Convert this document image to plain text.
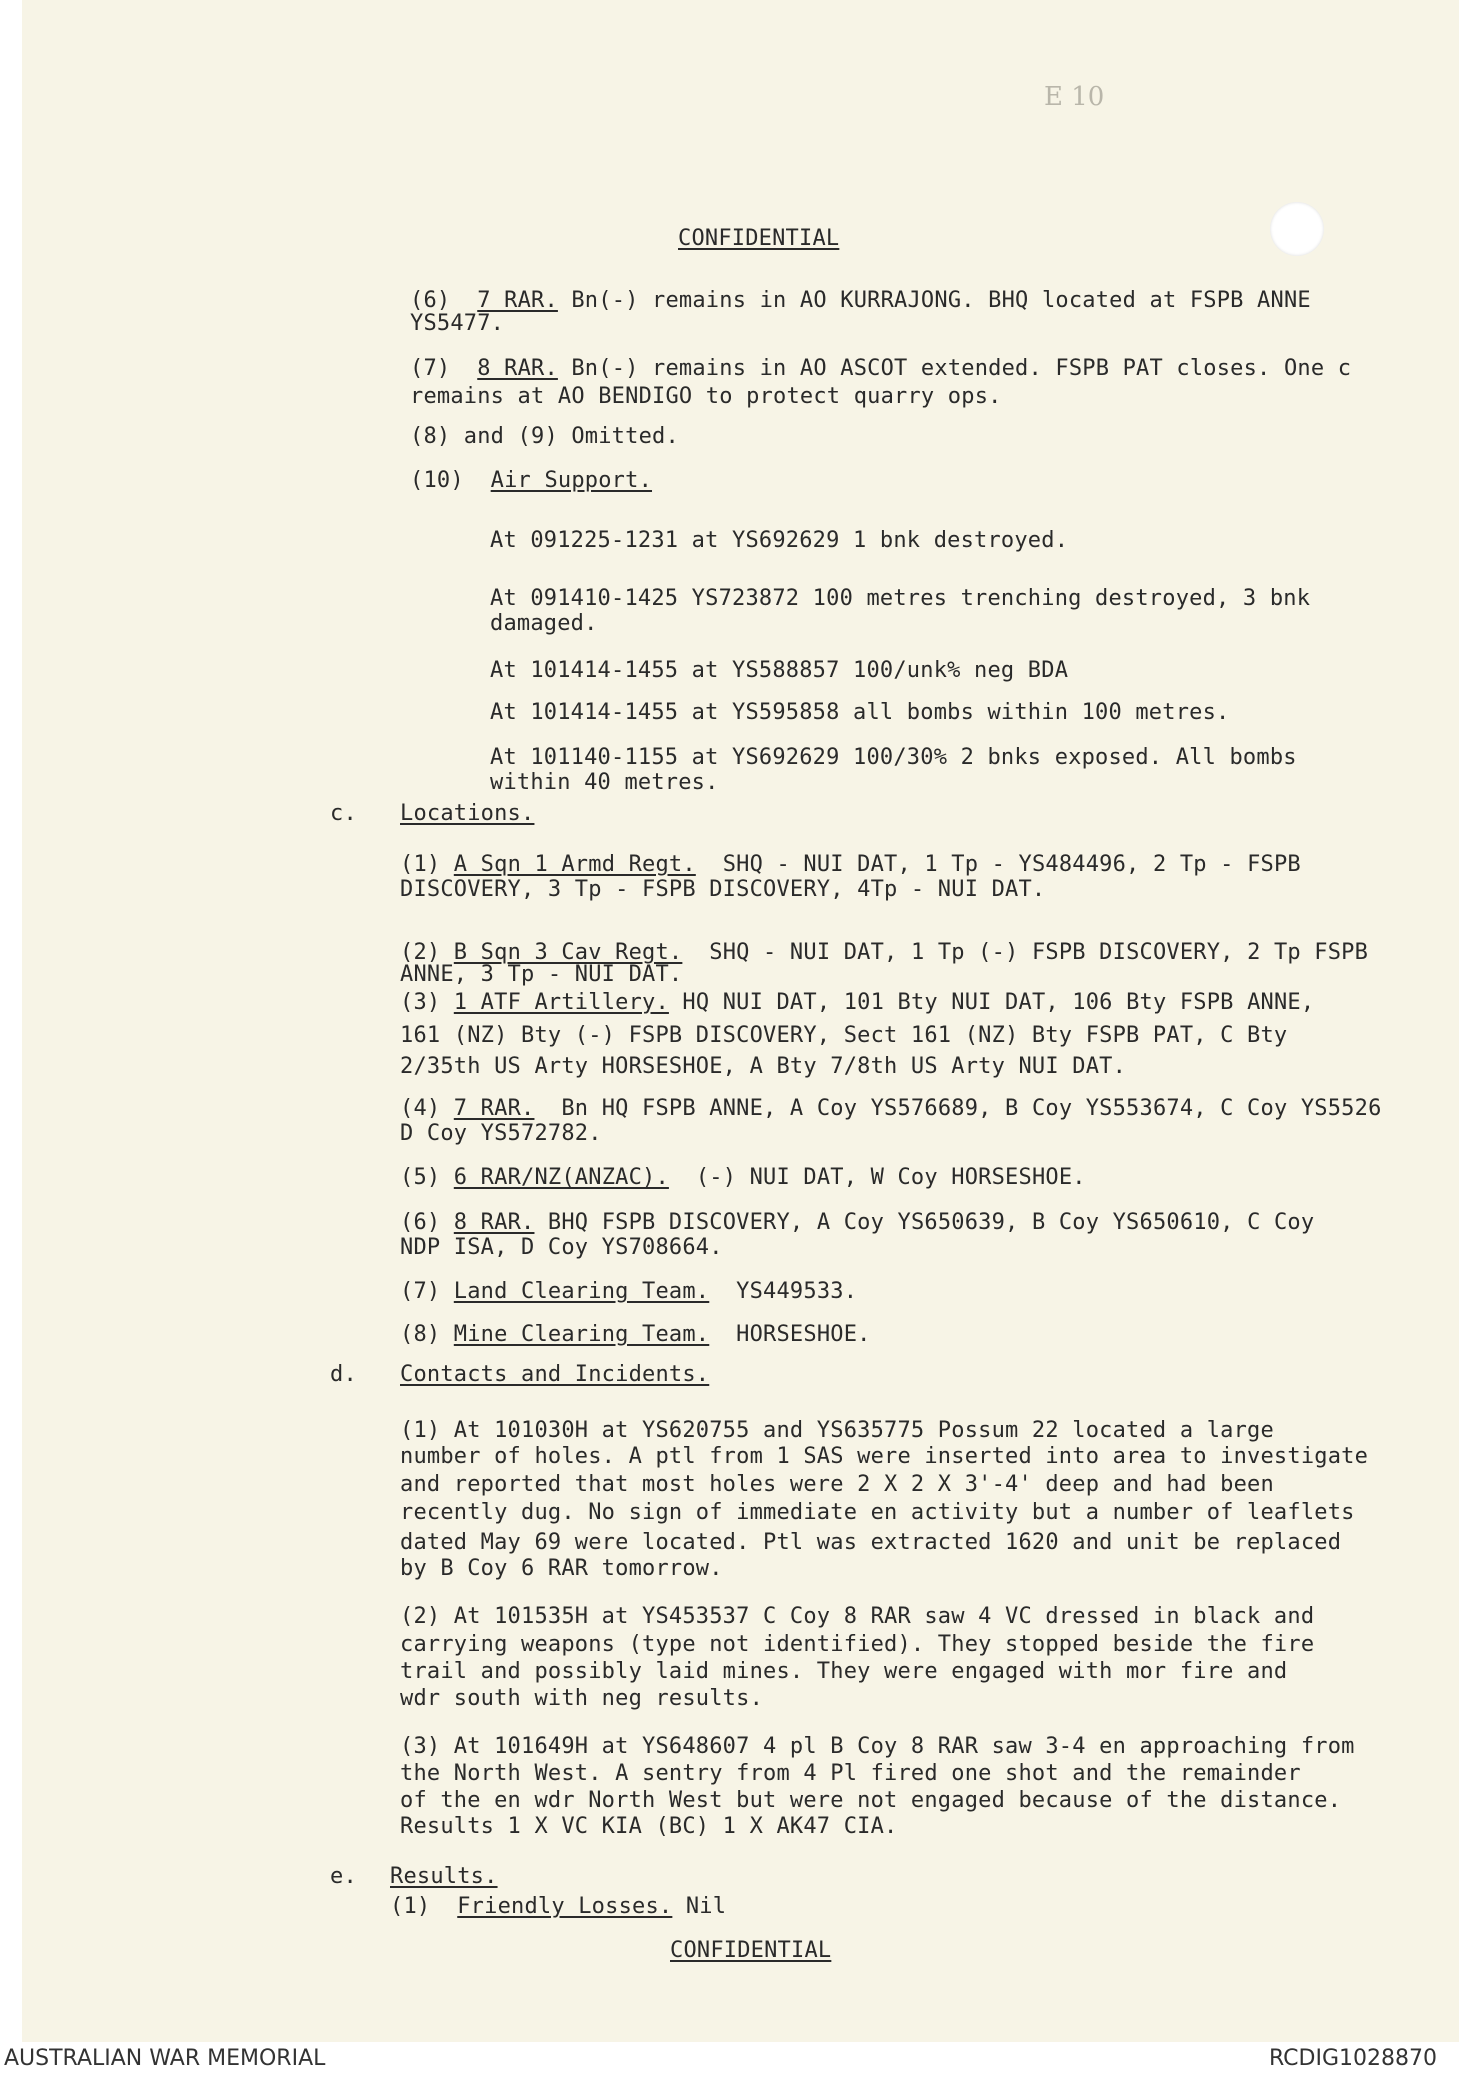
E 10
CONFIDENTIAL
(6) 7 RAR. Bn(-) remains in AO KURRAJONG. BHQ located at FSPB ANNE
YS5477.
(7) 8 RAR. Bn(-) remains in AO ASCOT extended. FSPB PAT closes. One c
remains at AO BENDIGO to protect quarry ops.
(8) and (9) Omitted.
(10) Air Support.
At 091225-1231 at YS692629 1 bnk destroyed.
At 091410-1425 YS723872 100 metres trenching destroyed, 3 bnk
damaged.
At 101414-1455 at YS588857 100/unk% neg BDA
At 101414-1455 at YS595858 all bombs within 100 metres.
At 101140-1155 at YS692629 100/30% 2 bnks exposed. All bombs
within 40 metres.
c. Locations.
(1) A Sqn 1 Armd Regt. SHQ - NUI DAT, 1 Tp - YS484496, 2 Tp - FSPB
DISCOVERY, 3 Tp - FSPB DISCOVERY, 4Tp - NUI DAT.
(2) B Sqn 3 Cav Regt. SHQ - NUI DAT, 1 Tp (-) FSPB DISCOVERY, 2 Tp FSPB
ANNE, 3 Tp - NUI DAT.
(3) 1 ATF Artillery. HQ NUI DAT, 101 Bty NUI DAT, 106 Bty FSPB ANNE,
161 (NZ) Bty (-) FSPB DISCOVERY, Sect 161 (NZ) Bty FSPB PAT, C Bty
2/35th US Arty HORSESHOE, A Bty 7/8th US Arty NUI DAT.
(4) 7 RAR. Bn HQ FSPB ANNE, A Coy YS576689, B Coy YS553674, C Coy YS5526
D Coy YS572782.
(5) 6 RAR/NZ(ANZAC). (-) NUI DAT, W Coy HORSESHOE.
(6) 8 RAR. BHQ FSPB DISCOVERY, A Coy YS650639, B Coy YS650610, C Coy
NDP ISA, D Coy YS708664.
(7) Land Clearing Team. YS449533.
(8) Mine Clearing Team. HORSESHOE.
d. Contacts and Incidents.
(1) At 101030H at YS620755 and YS635775 Possum 22 located a large
number of holes. A ptl from 1 SAS were inserted into area to investigate
and reported that most holes were 2 X 2 X 3'-4' deep and had been
recently dug. No sign of immediate en activity but a number of leaflets
dated May 69 were located. Ptl was extracted 1620 and unit be replaced
by B Coy 6 RAR tomorrow.
(2) At 101535H at YS453537 C Coy 8 RAR saw 4 VC dressed in black and
carrying weapons (type not identified). They stopped beside the fire
trail and possibly laid mines. They were engaged with mor fire and
wdr south with neg results.
(3) At 101649H at YS648607 4 pl B Coy 8 RAR saw 3-4 en approaching from
the North West. A sentry from 4 Pl fired one shot and the remainder
of the en wdr North West but were not engaged because of the distance.
Results 1 X VC KIA (BC) 1 X AK47 CIA.
e. Results.
(1) Friendly Losses. Nil
CONFIDENTIAL
AUSTRALIAN WAR MEMORIAL	RCDIG1028870
